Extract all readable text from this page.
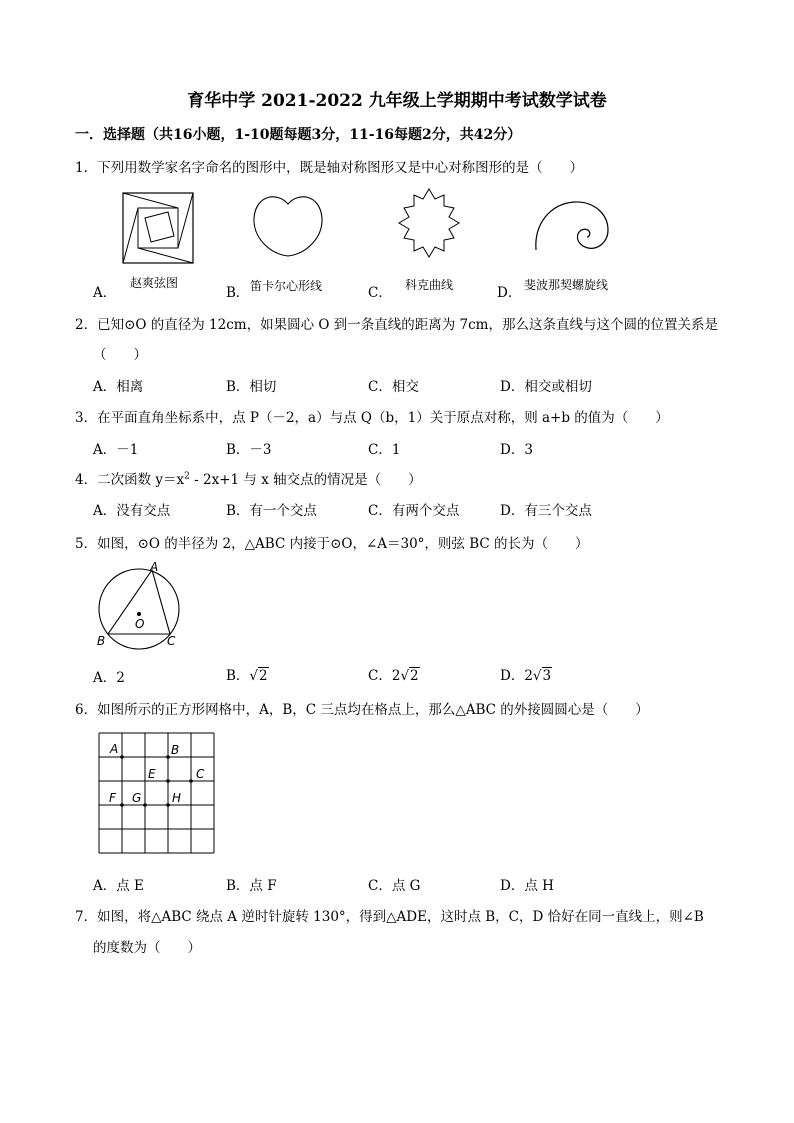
育华中学 2021-2022 九年级上学期期中考试数学试卷
一．选择题（共16小题，1-10题每题3分，11-16每题2分，共42分）
1．下列用数学家名字命名的图形中，既是轴对称图形又是中心对称图形的是（　　）
A．
赵爽弦图
B． 笛卡尔心形线	C． 科克曲线	D． 斐波那契螺旋线
2．已知⊙O 的直径为 12cm，如果圆心 O 到一条直线的距离为 7cm，那么这条直线与这个圆的位置关系是
（　　）
A．相离	B．相切	C．相交	D．相交或相切
3．在平面直角坐标系中，点 P（－2，a）与点 Q（b，1）关于原点对称，则 a+b 的值为（　　）
A．－1	B．－3	C．1	D．3
4．二次函数 $y=x^2 - 2x+1$ 与 x 轴交点的情况是（　　）
A．没有交点	B．有一个交点	C．有两个交点	D．有三个交点
5．如图，⊙O 的半径为 2，△ABC 内接于⊙O，∠A＝30°，则弦 BC 的长为（　　）
A
B	C
O
A．2	B．√2	C．2√2	D．2√3
6．如图所示的正方形网格中，A，B，C 三点均在格点上，那么△ABC 的外接圆圆心是（　　）
A	B
E	C
F G	H
A．点 E	B．点 F	C．点 G	D．点 H
7．如图，将△ABC 绕点 A 逆时针旋转 130°，得到△ADE，这时点 B，C，D 恰好在同一直线上，则∠B
的度数为（　　）
